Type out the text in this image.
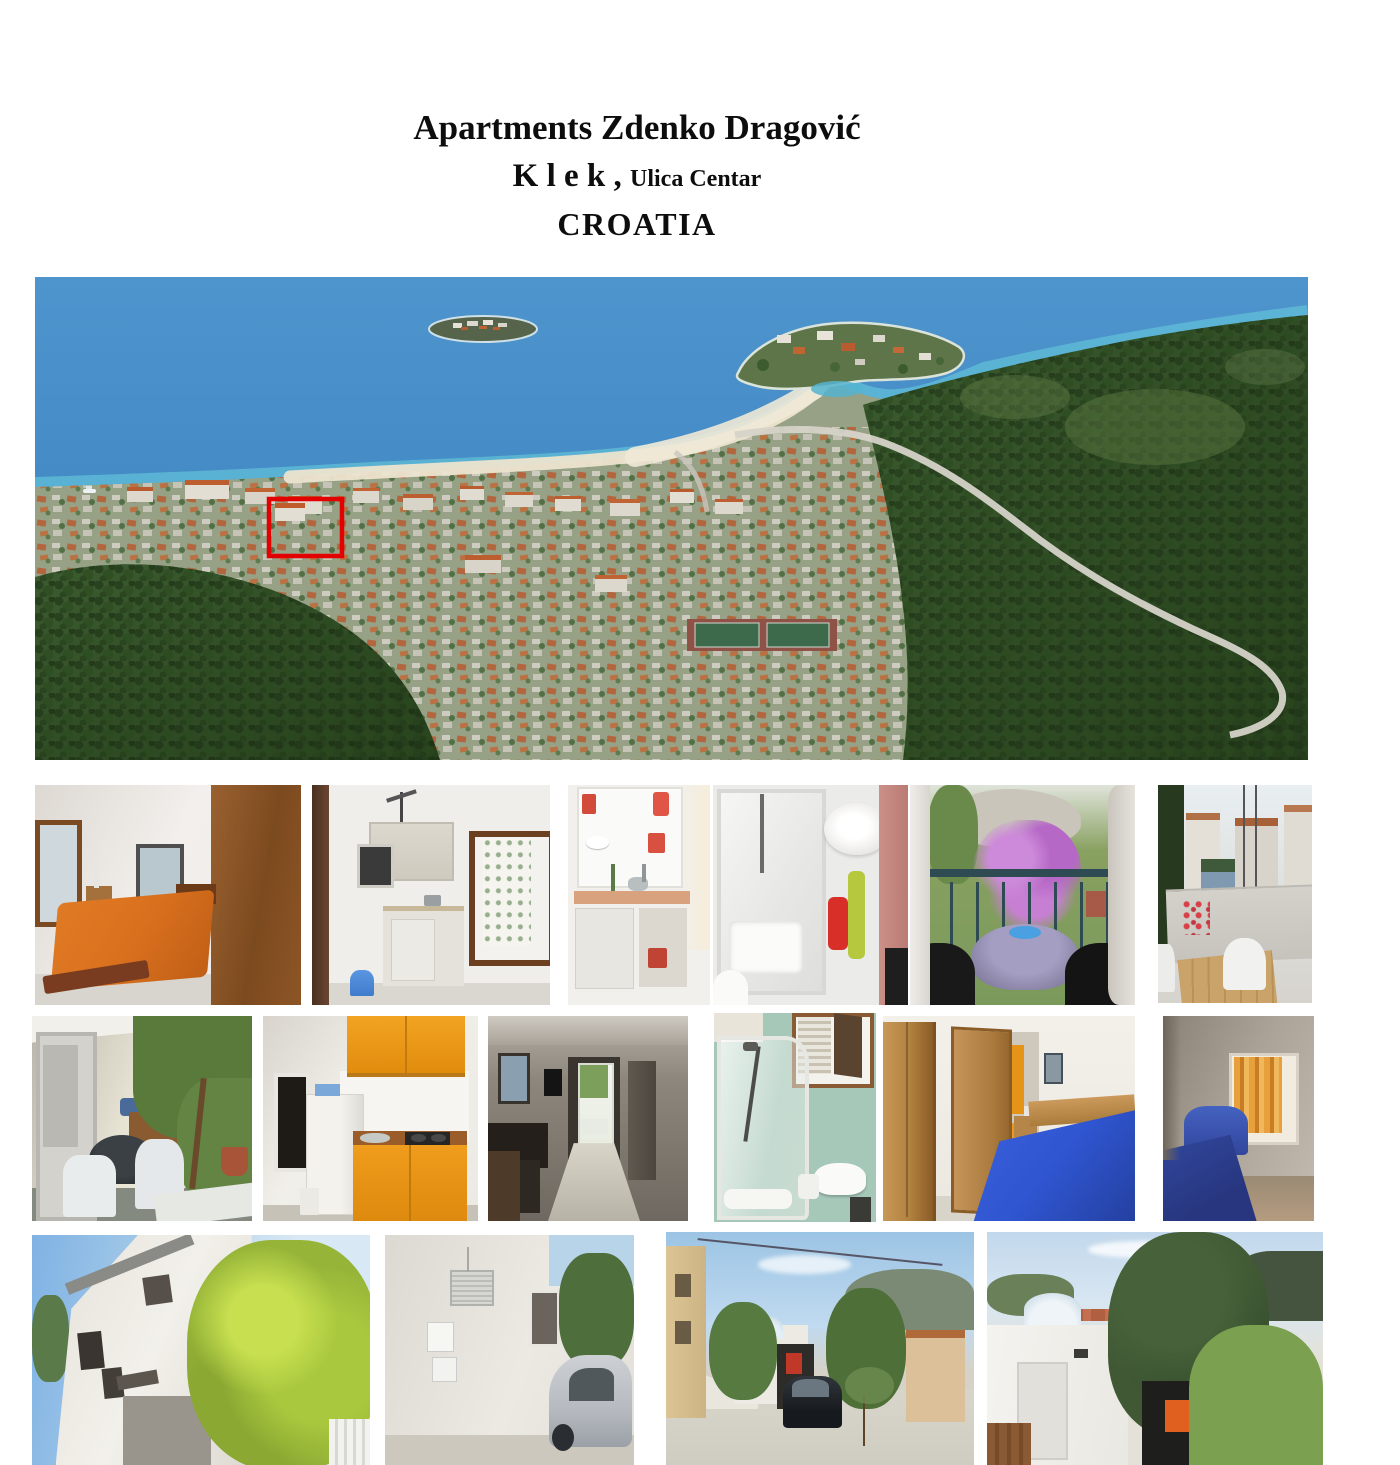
Apartments Zdenko Dragović
K l e k , Ulica Centar
CROATIA
